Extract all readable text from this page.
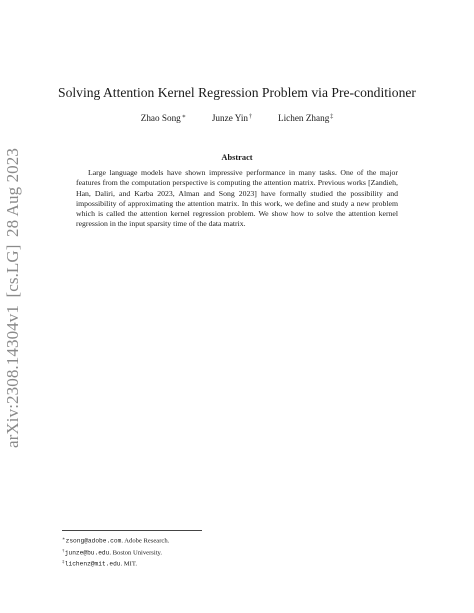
arXiv:2308.14304v1
[cs.LG]
28 Aug 2023
Solving Attention Kernel Regression Problem via Pre-conditioner
Zhao Song∗	Junze Yin†	Lichen Zhang‡
Abstract
Large language models have shown impressive performance in many tasks. One of the major features from the computation perspective is computing the attention matrix. Previous works [Zandieh, Han, Daliri, and Karba 2023, Alman and Song 2023] have formally studied the possibility and impossibility of approximating the attention matrix. In this work, we define and study a new problem which is called the attention kernel regression problem. We show how to solve the attention kernel regression in the input sparsity time of the data matrix.
∗zsong@adobe.com. Adobe Research.
†junze@bu.edu. Boston University.
‡lichenz@mit.edu. MIT.
